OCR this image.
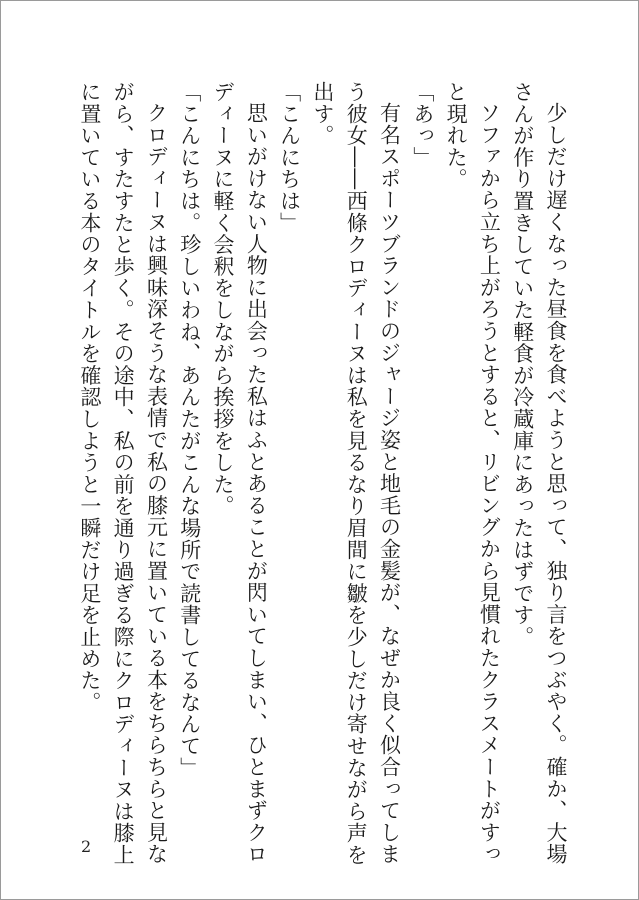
少しだけ遅くなった昼食を食べようと思って、独り言をつぶやく。確か、大場
さんが作り置きしていた軽食が冷蔵庫にあったはずです。
ソファから立ち上がろうとすると、リビングから見慣れたクラスメートがすっ
と現れた。
「あっ」
有名スポーツブランドのジャージ姿と地毛の金髪が、なぜか良く似合ってしま
う彼女――西條クロディーヌは私を見るなり眉間に皺を少しだけ寄せながら声を
出す。
「こんにちは」
思いがけない人物に出会った私はふとあることが閃いてしまい、ひとまずクロ
ディーヌに軽く会釈をしながら挨拶をした。
「こんにちは。珍しいわね、あんたがこんな場所で読書してるなんて」
クロディーヌは興味深そうな表情で私の膝元に置いている本をちらちらと見な
がら、すたすたと歩く。その途中、私の前を通り過ぎる際にクロディーヌは膝上
に置いている本のタイトルを確認しようと一瞬だけ足を止めた。
2
